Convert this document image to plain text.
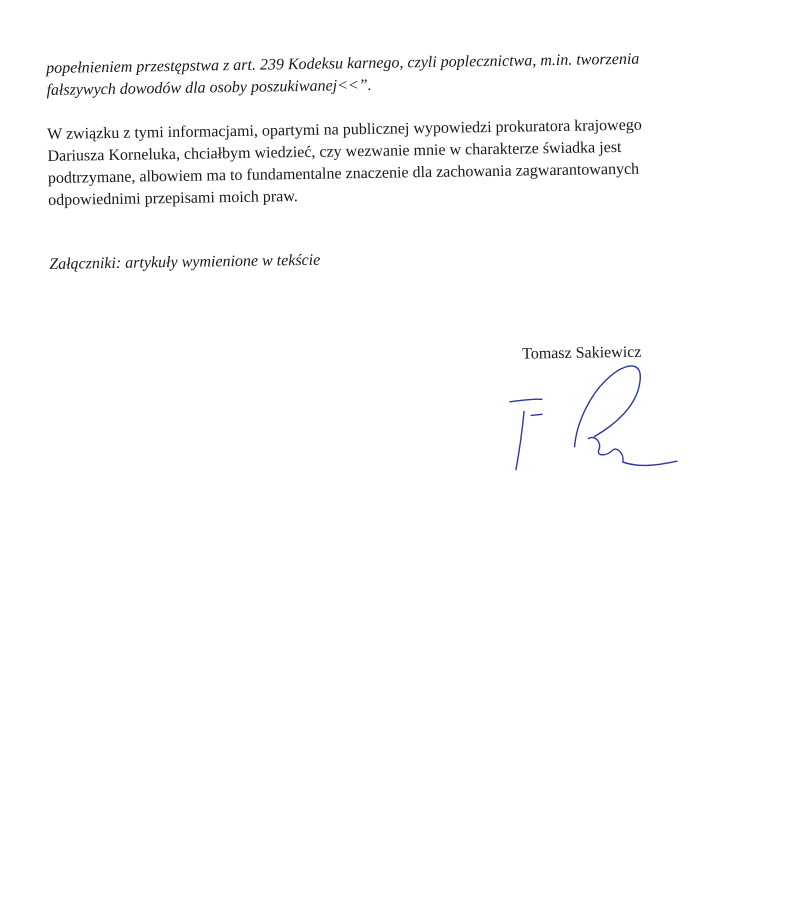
popełnieniem przestępstwa z art. 239 Kodeksu karnego, czyli poplecznictwa, m.in. tworzenia
fałszywych dowodów dla osoby poszukiwanej<<”.

W związku z tymi informacjami, opartymi na publicznej wypowiedzi prokuratora krajowego
Dariusza Korneluka, chciałbym wiedzieć, czy wezwanie mnie w charakterze świadka jest
podtrzymane, albowiem ma to fundamentalne znaczenie dla zachowania zagwarantowanych
odpowiednimi przepisami moich praw.

Załączniki: artykuły wymienione w tekście
Tomasz Sakiewicz
